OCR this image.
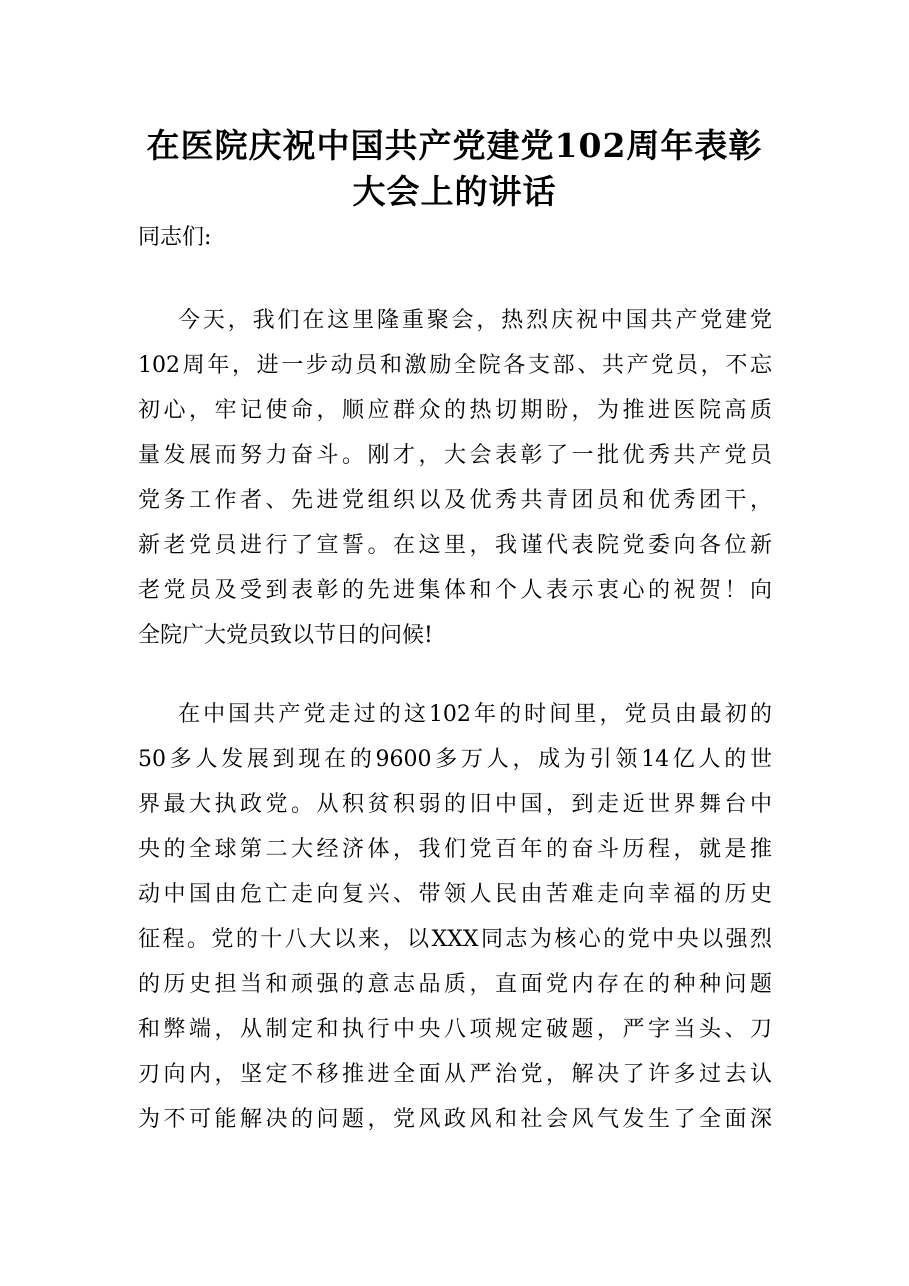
在医院庆祝中国共产党建党102周年表彰
大会上的讲话
同志们:
今天，我们在这里隆重聚会，热烈庆祝中国共产党建党
102周年，进一步动员和激励全院各支部、共产党员，不忘
初心，牢记使命，顺应群众的热切期盼，为推进医院高质
量发展而努力奋斗。刚才，大会表彰了一批优秀共产党员
党务工作者、先进党组织以及优秀共青团员和优秀团干，
新老党员进行了宣誓。在这里，我谨代表院党委向各位新
老党员及受到表彰的先进集体和个人表示衷心的祝贺！向
全院广大党员致以节日的问候!
在中国共产党走过的这102年的时间里，党员由最初的
50多人发展到现在的9600多万人，成为引领14亿人的世
界最大执政党。从积贫积弱的旧中国，到走近世界舞台中
央的全球第二大经济体，我们党百年的奋斗历程，就是推
动中国由危亡走向复兴、带领人民由苦难走向幸福的历史
征程。党的十八大以来，以XXX同志为核心的党中央以强烈
的历史担当和顽强的意志品质，直面党内存在的种种问题
和弊端，从制定和执行中央八项规定破题，严字当头、刀
刃向内，坚定不移推进全面从严治党，解决了许多过去认
为不可能解决的问题，党风政风和社会风气发生了全面深
